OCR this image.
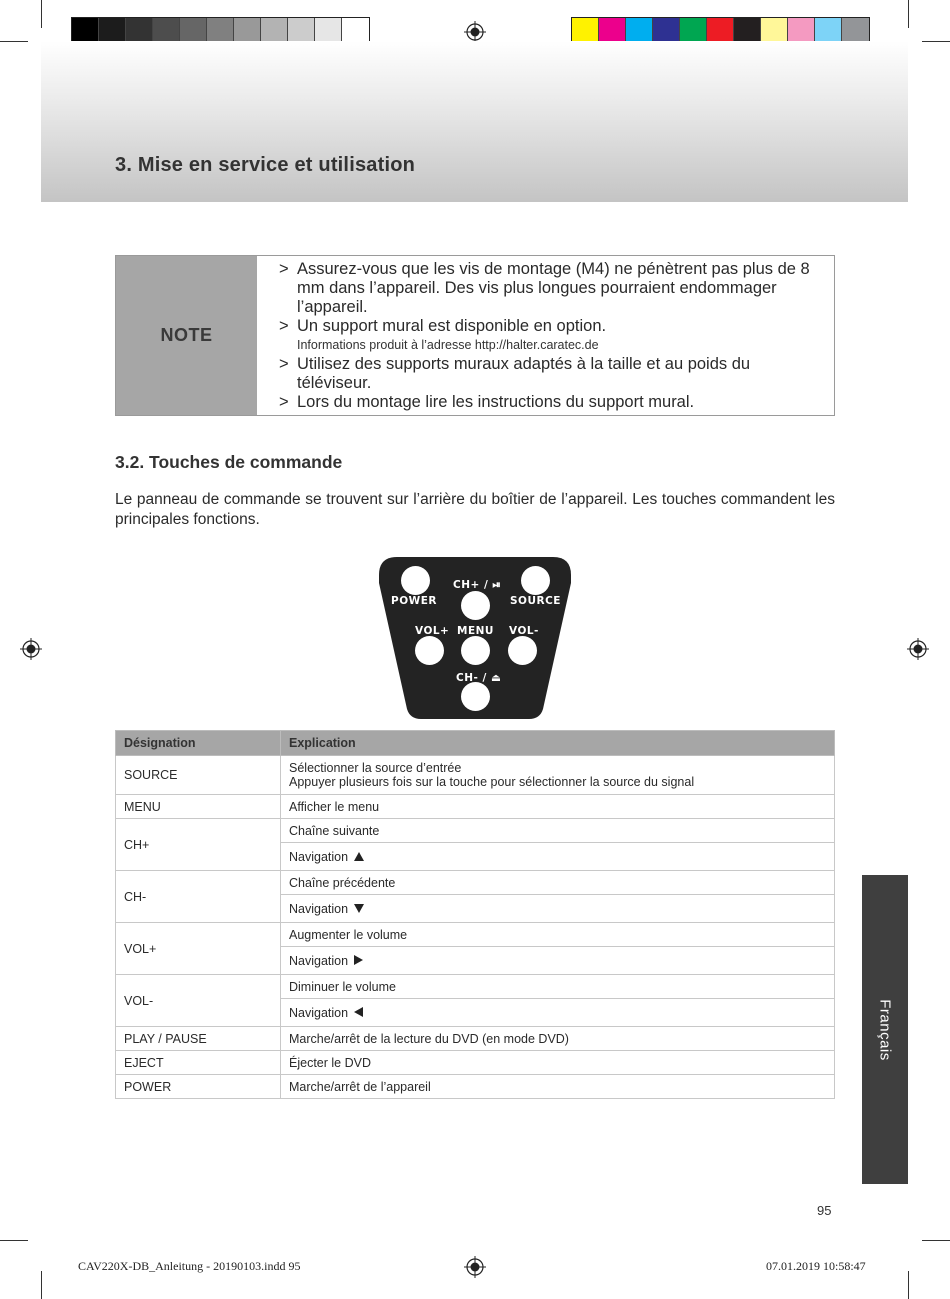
3. Mise en service et utilisation
NOTE
> Assurez-vous que les vis de montage (M4) ne pénètrent pas plus de 8 mm dans l’appareil. Des vis plus longues pourraient endommager l’appareil.
> Un support mural est disponible en option.
Informations produit à l’adresse http://halter.caratec.de
> Utilisez des supports muraux adaptés à la taille et au poids du téléviseur.
> Lors du montage lire les instructions du support mural.
3.2. Touches de commande
Le panneau de commande se trouvent sur l’arrière du boîtier de l’appareil. Les touches commandent les principales fonctions.
POWER
CH+ / ⏯
SOURCE
VOL+ MENU VOL-
CH- / ⏏
Désignation	Explication
SOURCE	Sélectionner la source d’entrée
Appuyer plusieurs fois sur la touche pour sélectionner la source du signal

MENU	Afficher le menu
CH+	Chaîne suivante
	Navigation
CH-	Chaîne précédente
	Navigation
VOL+	Augmenter le volume
	Navigation
VOL-	Diminuer le volume
	Navigation
PLAY / PAUSE	Marche/arrêt de la lecture du DVD (en mode DVD)
EJECT	Éjecter le DVD
POWER	Marche/arrêt de l’appareil
Français
95
CAV220X-DB_Anleitung - 20190103.indd 95	07.01.2019 10:58:47
